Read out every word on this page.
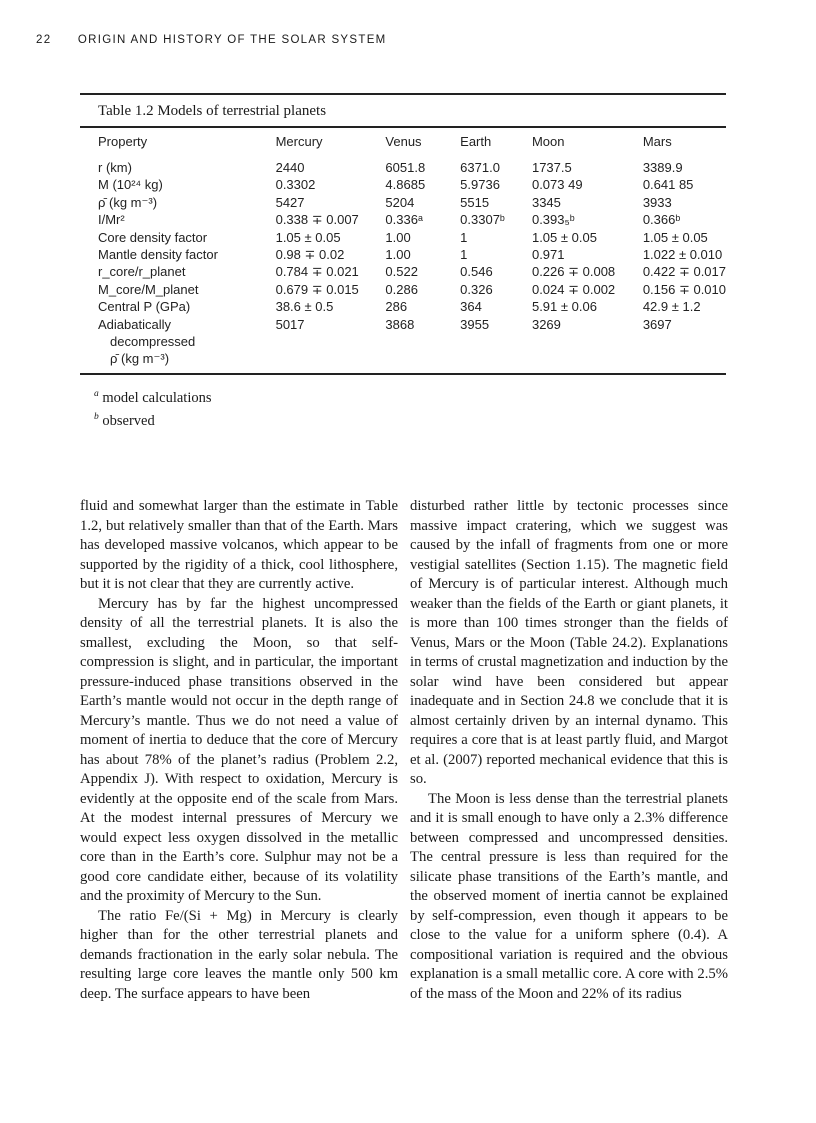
22 ORIGIN AND HISTORY OF THE SOLAR SYSTEM
Table 1.2 Models of terrestrial planets
Property	Mercury	Venus	Earth	Moon	Mars

r (km)	2440	6051.8	6371.0	1737.5	3389.9

M (10²⁴ kg)	0.3302	4.8685	5.9736	0.073 49	0.641 85

ρ̄ (kg m⁻³)	5427	5204	5515	3345	3933

I/Mr²	0.338 ∓ 0.007	0.336ᵃ	0.3307ᵇ	0.393₅ᵇ	0.366ᵇ

Core density factor	1.05 ± 0.05	1.00	1	1.05 ± 0.05	1.05 ± 0.05

Mantle density factor	0.98 ∓ 0.02	1.00	1	0.971	1.022 ± 0.010

r_core/r_planet	0.784 ∓ 0.021	0.522	0.546	0.226 ∓ 0.008	0.422 ∓ 0.017

M_core/M_planet	0.679 ∓ 0.015	0.286	0.326	0.024 ∓ 0.002	0.156 ∓ 0.010

Central P (GPa)	38.6 ± 0.5	286	364	5.91 ± 0.06	42.9 ± 1.2

Adiabatically
decompressed
ρ̄ (kg m⁻³)	5017	3868	3955	3269	3697
$^a$ model calculations
$^b$ observed

fluid and somewhat larger than the estimate in Table 1.2, but relatively smaller than that of the Earth. Mars has developed massive volcanos, which appear to be supported by the rigidity of a thick, cool lithosphere, but it is not clear that they are currently active.

Mercury has by far the highest uncompressed density of all the terrestrial planets. It is also the smallest, excluding the Moon, so that self-compression is slight, and in particular, the important pressure-induced phase transitions observed in the Earth’s mantle would not occur in the depth range of Mercury’s mantle. Thus we do not need a value of moment of inertia to deduce that the core of Mercury has about 78% of the planet’s radius (Problem 2.2, Appendix J). With respect to oxidation, Mercury is evidently at the opposite end of the scale from Mars. At the modest internal pressures of Mercury we would expect less oxygen dissolved in the metallic core than in the Earth’s core. Sulphur may not be a good core candidate either, because of its volatility and the proximity of Mercury to the Sun.

The ratio Fe/(Si + Mg) in Mercury is clearly higher than for the other terrestrial planets and demands fractionation in the early solar nebula. The resulting large core leaves the mantle only 500 km deep. The surface appears to have been

disturbed rather little by tectonic processes since massive impact cratering, which we suggest was caused by the infall of fragments from one or more vestigial satellites (Section 1.15). The magnetic field of Mercury is of particular interest. Although much weaker than the fields of the Earth or giant planets, it is more than 100 times stronger than the fields of Venus, Mars or the Moon (Table 24.2). Explanations in terms of crustal magnetization and induction by the solar wind have been considered but appear inadequate and in Section 24.8 we conclude that it is almost certainly driven by an internal dynamo. This requires a core that is at least partly fluid, and Margot et al. (2007) reported mechanical evidence that this is so.

The Moon is less dense than the terrestrial planets and it is small enough to have only a 2.3% difference between compressed and uncompressed densities. The central pressure is less than required for the silicate phase transitions of the Earth’s mantle, and the observed moment of inertia cannot be explained by self-compression, even though it appears to be close to the value for a uniform sphere (0.4). A compositional variation is required and the obvious explanation is a small metallic core. A core with 2.5% of the mass of the Moon and 22% of its radius
